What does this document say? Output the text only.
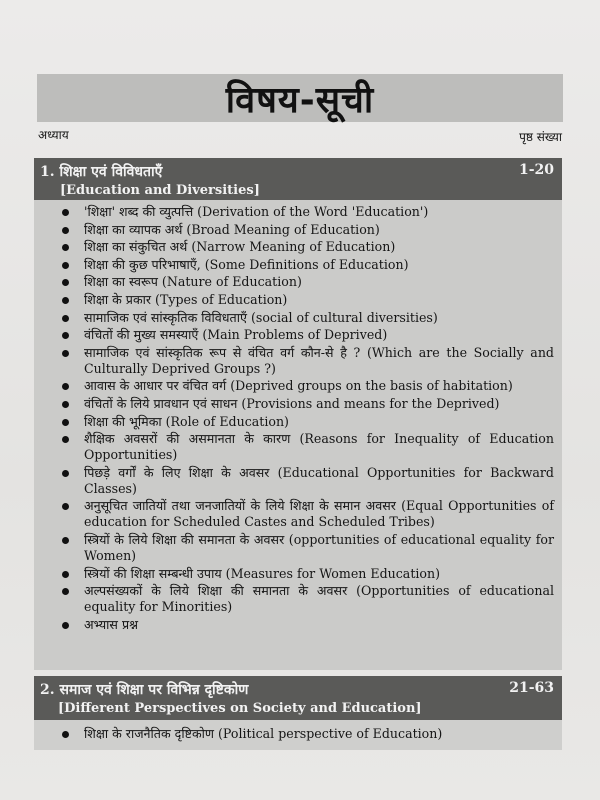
विषय-सूची
अध्याय	पृष्ठ संख्या
1. शिक्षा एवं विविधताएँ
[Education and Diversities]
1-20
'शिक्षा' शब्द की व्युत्पत्ति (Derivation of the Word 'Education')
शिक्षा का व्यापक अर्थ (Broad Meaning of Education)
शिक्षा का संकुचित अर्थ (Narrow Meaning of Education)
शिक्षा की कुछ परिभाषाएँ, (Some Definitions of Education)
शिक्षा का स्वरूप (Nature of Education)
शिक्षा के प्रकार (Types of Education)
सामाजिक एवं सांस्कृतिक विविधताएँ (social of cultural diversities)
वंचितों की मुख्य समस्याएँ (Main Problems of Deprived)
सामाजिक एवं सांस्कृतिक रूप से वंचित वर्ग कौन-से है ? (Which are the Socially and Culturally Deprived Groups ?)
आवास के आधार पर वंचित वर्ग (Deprived groups on the basis of habitation)
वंचितों के लिये प्रावधान एवं साधन (Provisions and means for the Deprived)
शिक्षा की भूमिका (Role of Education)
शैक्षिक अवसरों की असमानता के कारण (Reasons for Inequality of Education Opportunities)
पिछड़े वर्गों के लिए शिक्षा के अवसर (Educational Opportunities for Backward Classes)
अनुसूचित जातियों तथा जनजातियों के लिये शिक्षा के समान अवसर (Equal Opportunities of education for Scheduled Castes and Scheduled Tribes)
स्त्रियों के लिये शिक्षा की समानता के अवसर (opportunities of educational equality for Women)
स्त्रियों की शिक्षा सम्बन्धी उपाय (Measures for Women Education)
अल्पसंख्यकों के लिये शिक्षा की समानता के अवसर (Opportunities of educational equality for Minorities)
अभ्यास प्रश्न
2. समाज एवं शिक्षा पर विभिन्न दृष्टिकोण
[Different Perspectives on Society and Education]
21-63
शिक्षा के राजनैतिक दृष्टिकोण (Political perspective of Education)
